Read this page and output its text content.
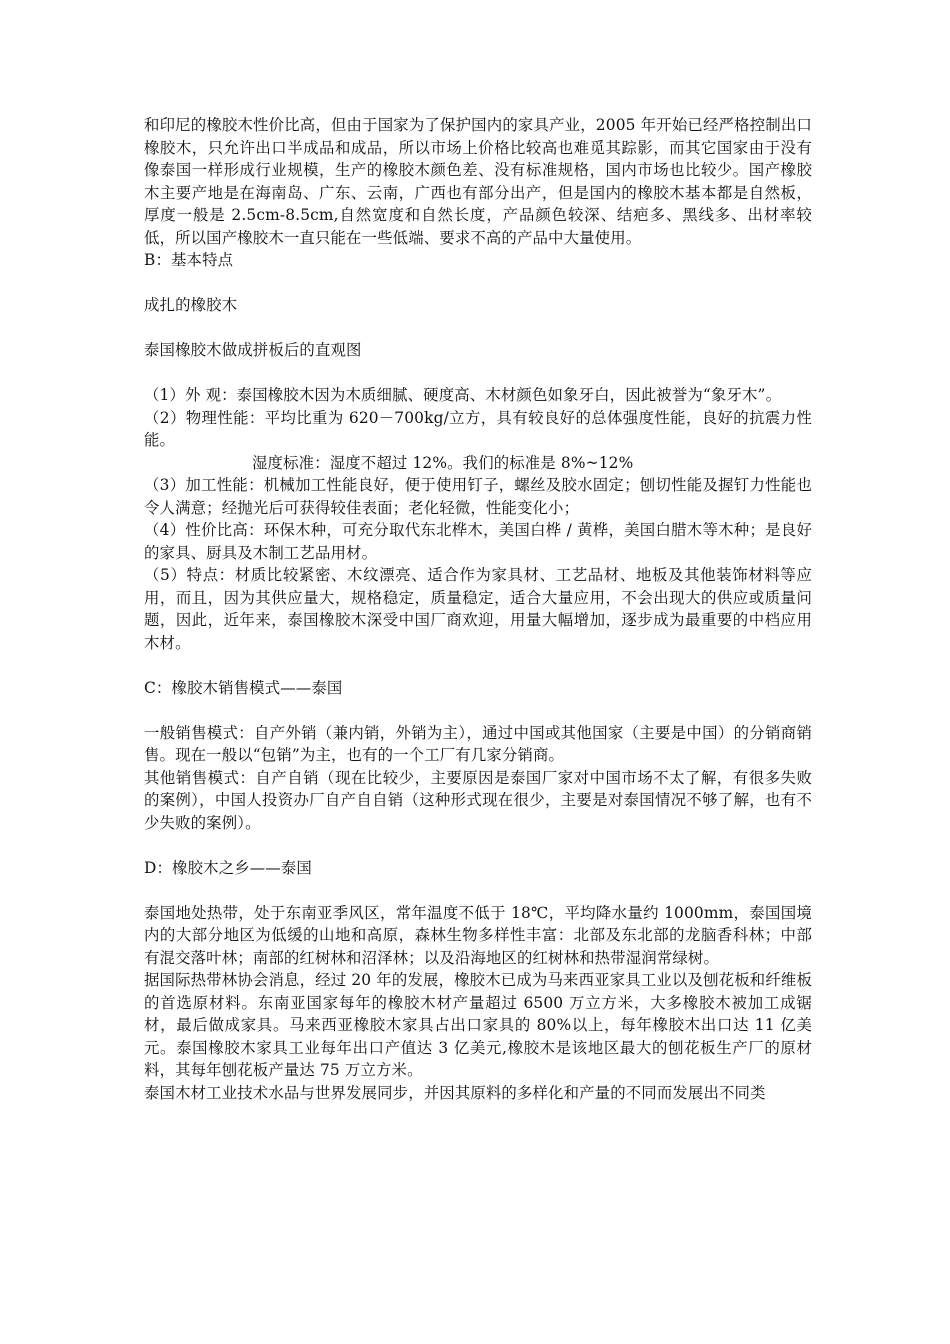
和印尼的橡胶木性价比高，但由于国家为了保护国内的家具产业，2005 年开始已经严格控制出口橡胶木，只允许出口半成品和成品，所以市场上价格比较高也难觅其踪影，而其它国家由于没有像泰国一样形成行业规模，生产的橡胶木颜色差、没有标准规格，国内市场也比较少。国产橡胶木主要产地是在海南岛、广东、云南，广西也有部分出产，但是国内的橡胶木基本都是自然板，厚度一般是 2.5cm-8.5cm,自然宽度和自然长度，产品颜色较深、结疤多、黑线多、出材率较低，所以国产橡胶木一直只能在一些低端、要求不高的产品中大量使用。

B：基本特点

成扎的橡胶木

泰国橡胶木做成拼板后的直观图

（1）外 观：泰国橡胶木因为木质细腻、硬度高、木材颜色如象牙白，因此被誉为“象牙木”。

（2）物理性能：平均比重为 620－700kg/立方，具有较良好的总体强度性能，良好的抗震力性能。

湿度标准：湿度不超过 12%。我们的标准是 8%~12%

（3）加工性能：机械加工性能良好，便于使用钉子，螺丝及胶水固定；刨切性能及握钉力性能也令人满意；经抛光后可获得较佳表面；老化轻微，性能变化小；

（4）性价比高：环保木种，可充分取代东北桦木，美国白桦 / 黄桦，美国白腊木等木种；是良好的家具、厨具及木制工艺品用材。

（5）特点：材质比较紧密、木纹漂亮、适合作为家具材、工艺品材、地板及其他装饰材料等应用，而且，因为其供应量大，规格稳定，质量稳定，适合大量应用，不会出现大的供应或质量问题，因此，近年来，泰国橡胶木深受中国厂商欢迎，用量大幅增加，逐步成为最重要的中档应用木材。

C：橡胶木销售模式——泰国

一般销售模式：自产外销（兼内销，外销为主），通过中国或其他国家（主要是中国）的分销商销售。现在一般以“包销”为主，也有的一个工厂有几家分销商。

其他销售模式：自产自销（现在比较少，主要原因是泰国厂家对中国市场不太了解，有很多失败的案例），中国人投资办厂自产自自销（这种形式现在很少，主要是对泰国情况不够了解，也有不少失败的案例）。

D：橡胶木之乡——泰国

泰国地处热带，处于东南亚季风区，常年温度不低于 18℃，平均降水量约 1000mm，泰国国境内的大部分地区为低缓的山地和高原，森林生物多样性丰富：北部及东北部的龙脑香科林；中部有混交落叶林；南部的红树林和沼泽林；以及沿海地区的红树林和热带湿润常绿树。

据国际热带林协会消息，经过 20 年的发展，橡胶木已成为马来西亚家具工业以及刨花板和纤维板的首选原材料。东南亚国家每年的橡胶木材产量超过 6500 万立方米，大多橡胶木被加工成锯材，最后做成家具。马来西亚橡胶木家具占出口家具的 80%以上，每年橡胶木出口达 11 亿美元。泰国橡胶木家具工业每年出口产值达 3 亿美元,橡胶木是该地区最大的刨花板生产厂的原材料，其每年刨花板产量达 75 万立方米。

泰国木材工业技术水品与世界发展同步，并因其原料的多样化和产量的不同而发展出不同类
